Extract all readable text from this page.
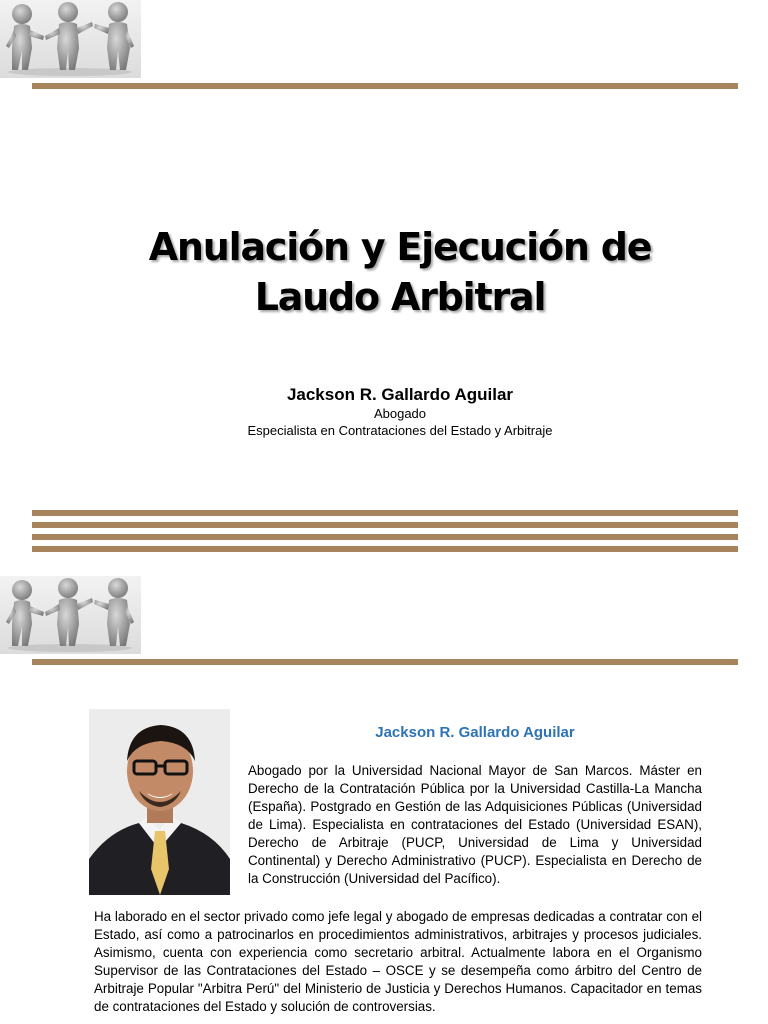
Anulación y Ejecución de
Laudo Arbitral
Jackson R. Gallardo Aguilar
Abogado
Especialista en Contrataciones del Estado y Arbitraje
Jackson R. Gallardo Aguilar

Abogado por la Universidad Nacional Mayor de San Marcos. Máster en Derecho de la Contratación Pública por la Universidad Castilla-La Mancha (España). Postgrado en Gestión de las Adquisiciones Públicas (Universidad de Lima). Especialista en contrataciones del Estado (Universidad ESAN), Derecho de Arbitraje (PUCP, Universidad de Lima y Universidad Continental) y Derecho Administrativo (PUCP). Especialista en Derecho de la Construcción (Universidad del Pacífico).

Ha laborado en el sector privado como jefe legal y abogado de empresas dedicadas a contratar con el Estado, así como a patrocinarlos en procedimientos administrativos, arbitrajes y procesos judiciales. Asimismo, cuenta con experiencia como secretario arbitral. Actualmente labora en el Organismo Supervisor de las Contrataciones del Estado – OSCE y se desempeña como árbitro del Centro de Arbitraje Popular "Arbitra Perú" del Ministerio de Justicia y Derechos Humanos. Capacitador en temas de contrataciones del Estado y solución de controversias.
